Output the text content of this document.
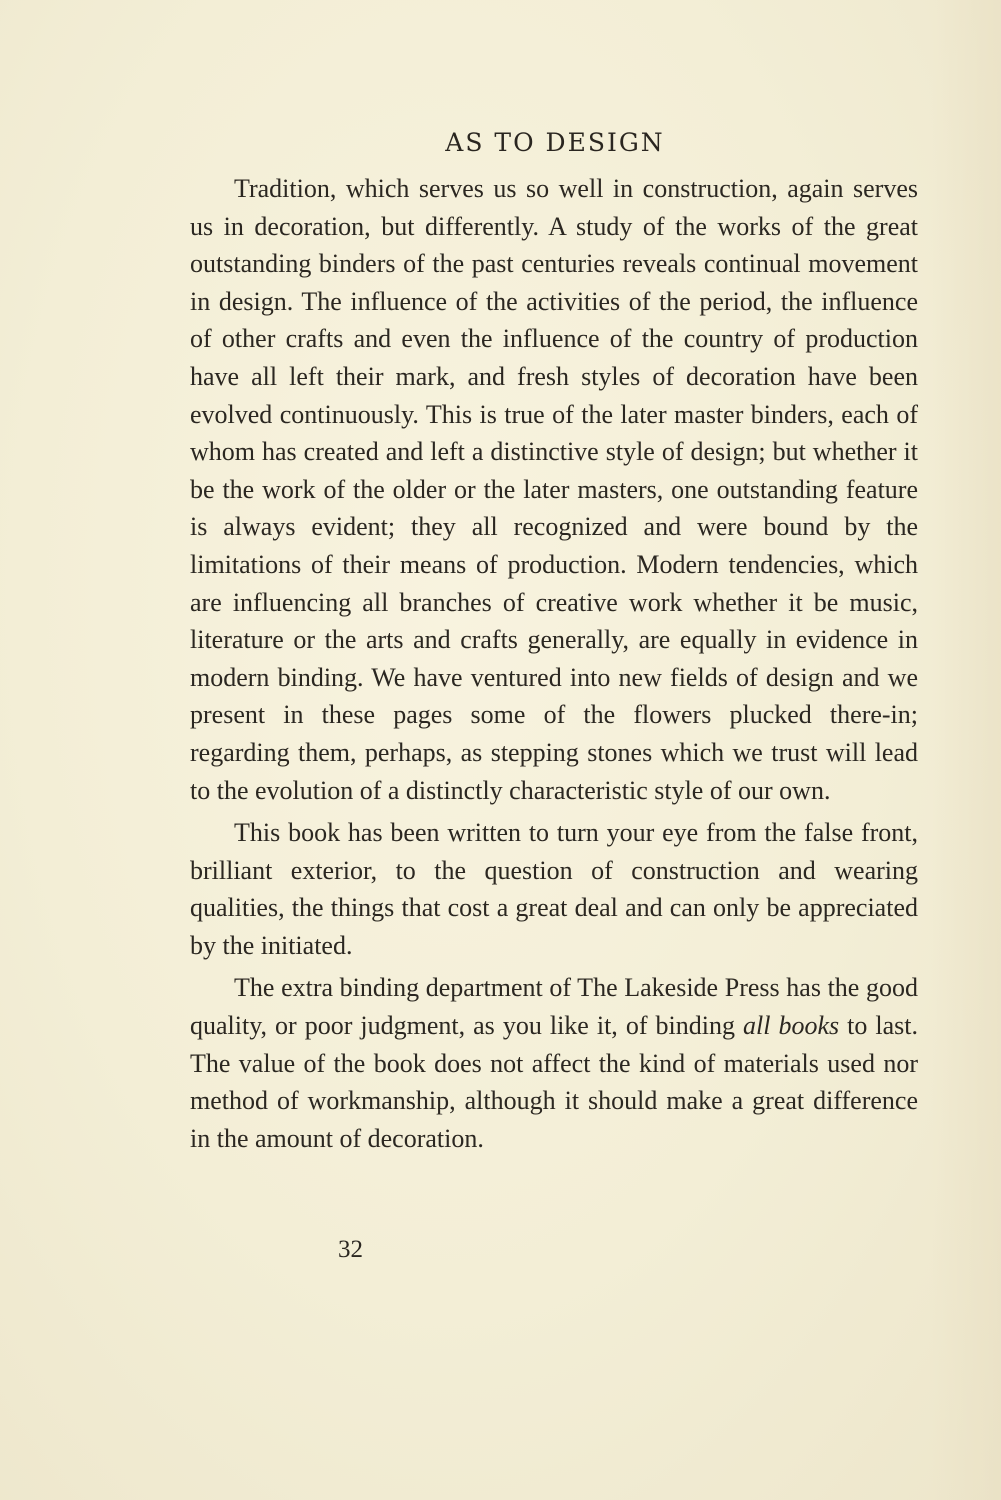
AS TO DESIGN

Tradition, which serves us so well in construction, again serves us in decoration, but differently. A study of the works of the great outstanding binders of the past centuries reveals continual movement in design. The influence of the activities of the period, the influence of other crafts and even the influence of the country of production have all left their mark, and fresh styles of decoration have been evolved continuously. This is true of the later master binders, each of whom has created and left a distinctive style of design; but whether it be the work of the older or the later masters, one outstanding feature is always evident; they all recognized and were bound by the limitations of their means of production. Modern tendencies, which are influencing all branches of creative work whether it be music, literature or the arts and crafts generally, are equally in evidence in modern binding. We have ventured into new fields of design and we present in these pages some of the flowers plucked there-in; regarding them, perhaps, as stepping stones which we trust will lead to the evolution of a distinctly characteristic style of our own.

This book has been written to turn your eye from the false front, brilliant exterior, to the question of construction and wearing qualities, the things that cost a great deal and can only be appreciated by the initiated.

The extra binding department of The Lakeside Press has the good quality, or poor judgment, as you like it, of binding all books to last. The value of the book does not affect the kind of materials used nor method of workmanship, although it should make a great difference in the amount of decoration.

32
